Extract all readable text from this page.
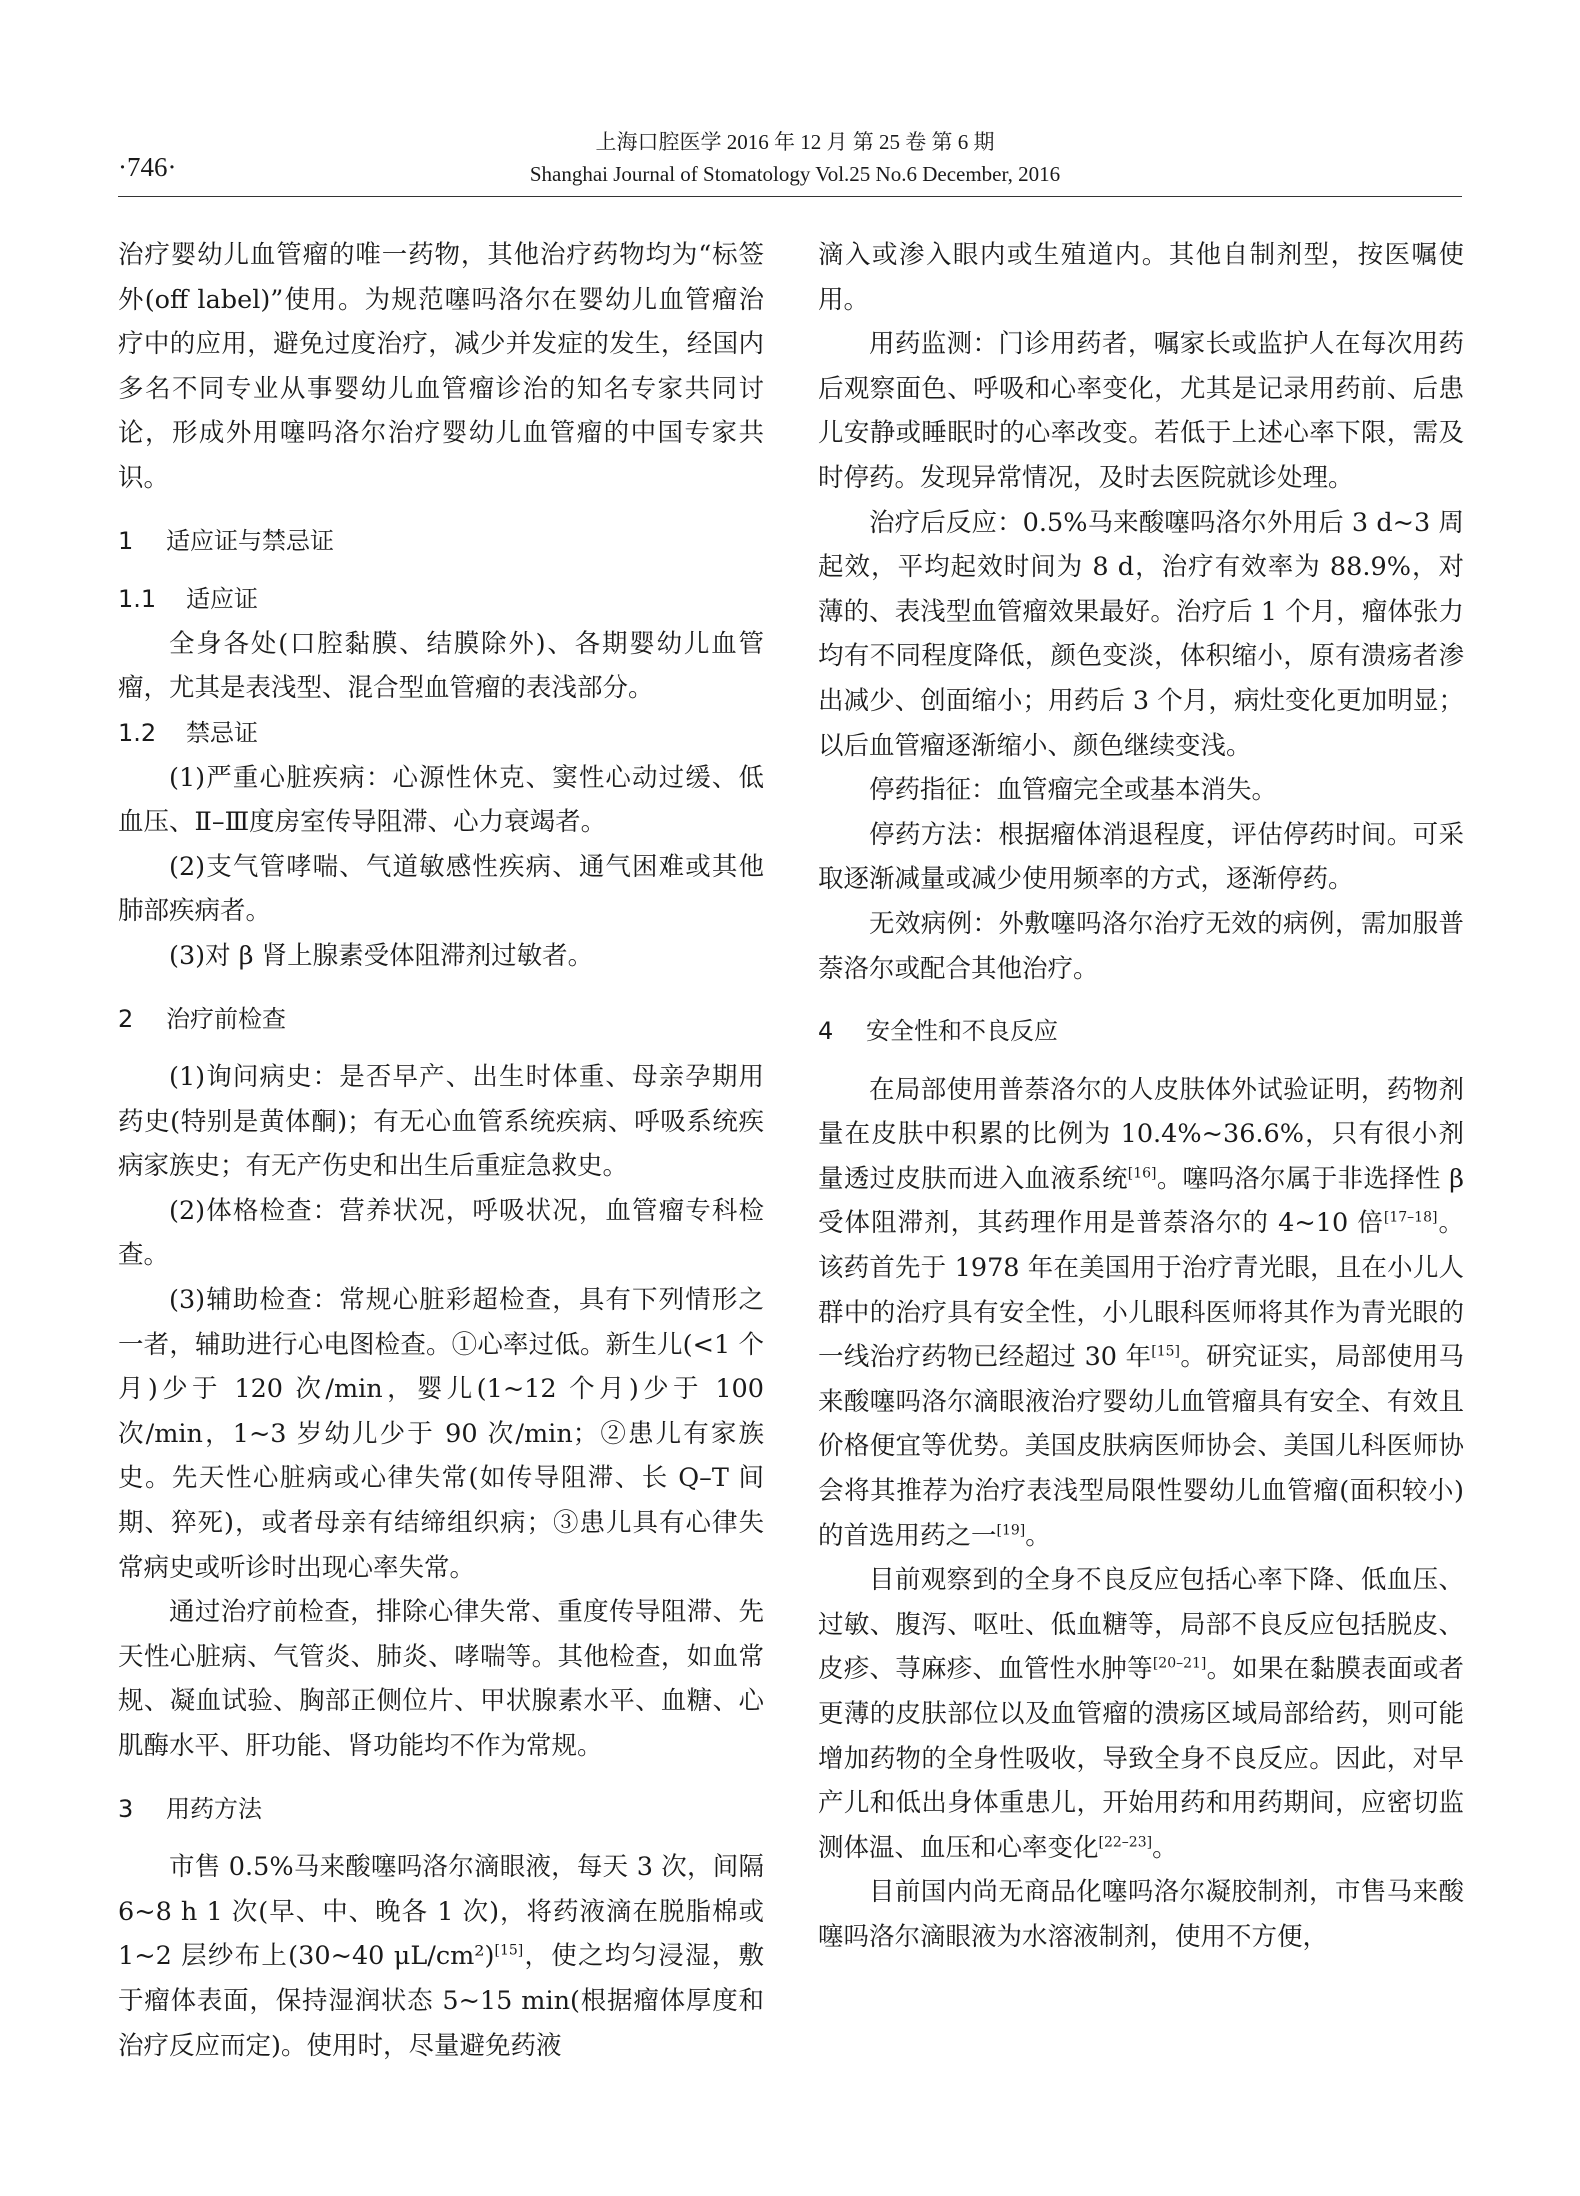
·746·
上海口腔医学 2016 年 12 月 第 25 卷 第 6 期
Shanghai Journal of Stomatology Vol.25 No.6 December, 2016

治疗婴幼儿血管瘤的唯一药物，其他治疗药物均为“标签外(off label)”使用。为规范噻吗洛尔在婴幼儿血管瘤治疗中的应用，避免过度治疗，减少并发症的发生，经国内多名不同专业从事婴幼儿血管瘤诊治的知名专家共同讨论，形成外用噻吗洛尔治疗婴幼儿血管瘤的中国专家共识。

1 适应证与禁忌证
1.1 适应证

全身各处(口腔黏膜、结膜除外)、各期婴幼儿血管瘤，尤其是表浅型、混合型血管瘤的表浅部分。

1.2 禁忌证

(1)严重心脏疾病：心源性休克、窦性心动过缓、低血压、Ⅱ–Ⅲ度房室传导阻滞、心力衰竭者。

(2)支气管哮喘、气道敏感性疾病、通气困难或其他肺部疾病者。

(3)对 β 肾上腺素受体阻滞剂过敏者。

2 治疗前检查

(1)询问病史：是否早产、出生时体重、母亲孕期用药史(特别是黄体酮)；有无心血管系统疾病、呼吸系统疾病家族史；有无产伤史和出生后重症急救史。

(2)体格检查：营养状况，呼吸状况，血管瘤专科检查。

(3)辅助检查：常规心脏彩超检查，具有下列情形之一者，辅助进行心电图检查。①心率过低。新生儿(<1 个月)少于 120 次/min，婴儿(1~12 个月)少于 100 次/min，1~3 岁幼儿少于 90 次/min；②患儿有家族史。先天性心脏病或心律失常(如传导阻滞、长 Q–T 间期、猝死)，或者母亲有结缔组织病；③患儿具有心律失常病史或听诊时出现心率失常。

通过治疗前检查，排除心律失常、重度传导阻滞、先天性心脏病、气管炎、肺炎、哮喘等。其他检查，如血常规、凝血试验、胸部正侧位片、甲状腺素水平、血糖、心肌酶水平、肝功能、肾功能均不作为常规。

3 用药方法

市售 0.5%马来酸噻吗洛尔滴眼液，每天 3 次，间隔 6~8 h 1 次(早、中、晚各 1 次)，将药液滴在脱脂棉或 1~2 层纱布上(30~40 μL/cm²)[15]，使之均匀浸湿，敷于瘤体表面，保持湿润状态 5~15 min(根据瘤体厚度和治疗反应而定)。使用时，尽量避免药液

滴入或渗入眼内或生殖道内。其他自制剂型，按医嘱使用。

用药监测：门诊用药者，嘱家长或监护人在每次用药后观察面色、呼吸和心率变化，尤其是记录用药前、后患儿安静或睡眠时的心率改变。若低于上述心率下限，需及时停药。发现异常情况，及时去医院就诊处理。

治疗后反应：0.5%马来酸噻吗洛尔外用后 3 d~3 周起效，平均起效时间为 8 d，治疗有效率为 88.9%，对薄的、表浅型血管瘤效果最好。治疗后 1 个月，瘤体张力均有不同程度降低，颜色变淡，体积缩小，原有溃疡者渗出减少、创面缩小；用药后 3 个月，病灶变化更加明显；以后血管瘤逐渐缩小、颜色继续变浅。

停药指征：血管瘤完全或基本消失。

停药方法：根据瘤体消退程度，评估停药时间。可采取逐渐减量或减少使用频率的方式，逐渐停药。

无效病例：外敷噻吗洛尔治疗无效的病例，需加服普萘洛尔或配合其他治疗。

4 安全性和不良反应

在局部使用普萘洛尔的人皮肤体外试验证明，药物剂量在皮肤中积累的比例为 10.4%~36.6%，只有很小剂量透过皮肤而进入血液系统[16]。噻吗洛尔属于非选择性 β 受体阻滞剂，其药理作用是普萘洛尔的 4~10 倍[17–18]。该药首先于 1978 年在美国用于治疗青光眼，且在小儿人群中的治疗具有安全性，小儿眼科医师将其作为青光眼的一线治疗药物已经超过 30 年[15]。研究证实，局部使用马来酸噻吗洛尔滴眼液治疗婴幼儿血管瘤具有安全、有效且价格便宜等优势。美国皮肤病医师协会、美国儿科医师协会将其推荐为治疗表浅型局限性婴幼儿血管瘤(面积较小)的首选用药之一[19]。

目前观察到的全身不良反应包括心率下降、低血压、过敏、腹泻、呕吐、低血糖等，局部不良反应包括脱皮、皮疹、荨麻疹、血管性水肿等[20–21]。如果在黏膜表面或者更薄的皮肤部位以及血管瘤的溃疡区域局部给药，则可能增加药物的全身性吸收，导致全身不良反应。因此，对早产儿和低出身体重患儿，开始用药和用药期间，应密切监测体温、血压和心率变化[22–23]。

目前国内尚无商品化噻吗洛尔凝胶制剂，市售马来酸噻吗洛尔滴眼液为水溶液制剂，使用不方便，
